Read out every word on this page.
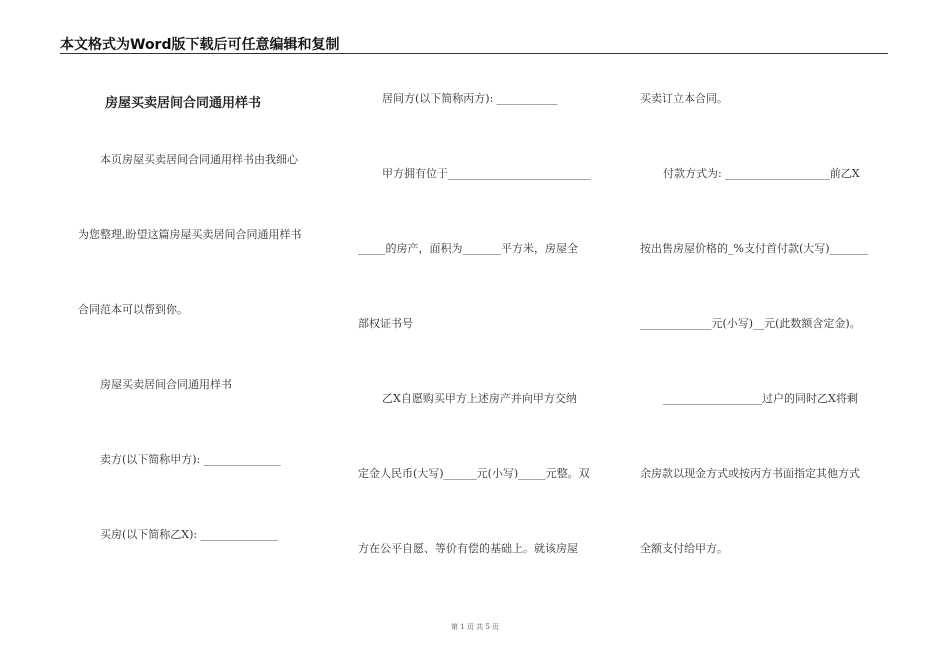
本文格式为Word版下载后可任意编辑和复制
房屋买卖居间合同通用样书
本页房屋买卖居间合同通用样书由我细心
为您整理,盼望这篇房屋买卖居间合同通用样书
合同范本可以帮到你。
房屋买卖居间合同通用样书
卖方(以下简称甲方): ______________
买房(以下简称乙X): ______________
居间方(以下简称丙方): ___________
甲方拥有位于__________________________
_____的房产，面积为_______平方米，房屋全
部权证书号
乙X自愿购买甲方上述房产并向甲方交纳
定金人民币(大写)______元(小写)_____元整。双
方在公平自愿、等价有偿的基础上。就该房屋
买卖订立本合同。
付款方式为: ___________________前乙X
按出售房屋价格的_%支付首付款(大写)_______
_____________元(小写)__元(此数额含定金)。
__________________过户的同时乙X将剩
余房款以现金方式或按丙方书面指定其他方式
全额支付给甲方。
第 1 页 共 5 页
